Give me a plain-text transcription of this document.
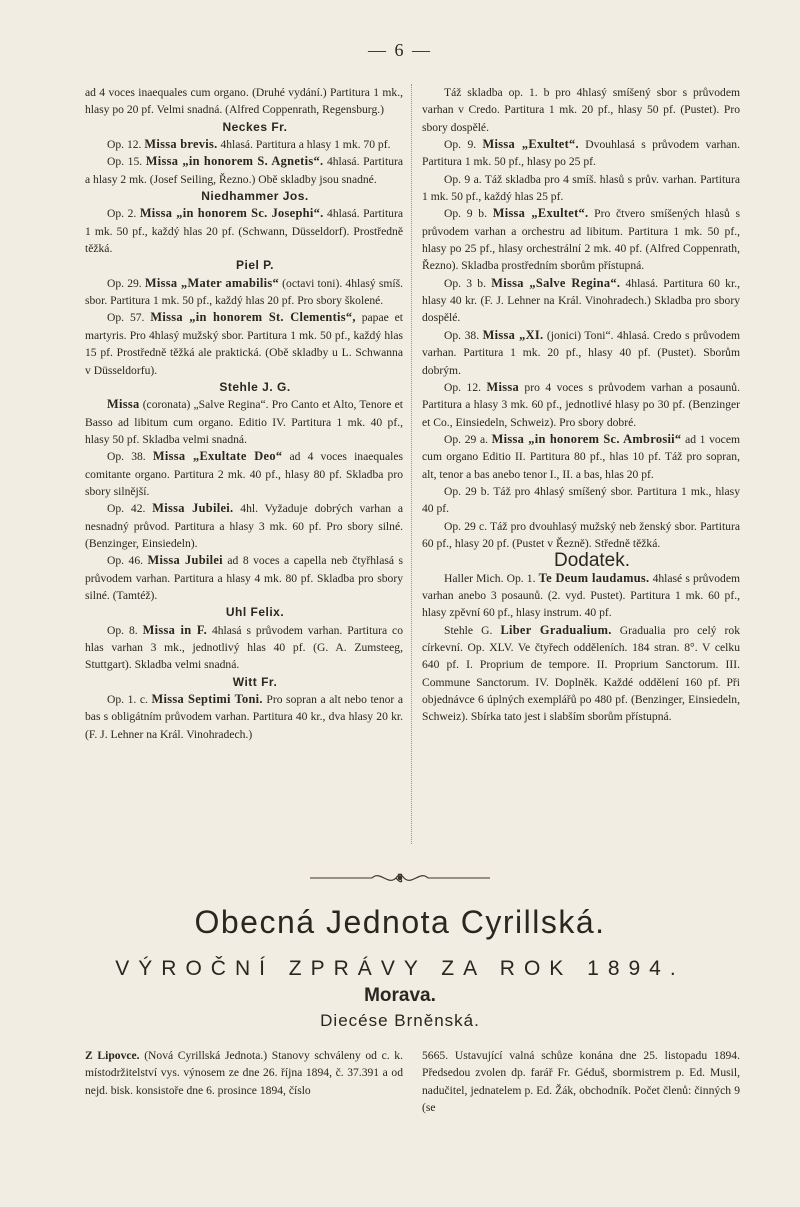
— 6 —

ad 4 voces inaequales cum organo. (Druhé vydání.) Partitura 1 mk., hlasy po 20 pf. Velmi snadná. (Alfred Coppenrath, Regensburg.)

Neckes Fr.

Op. 12. Missa brevis. 4hlasá. Partitura a hlasy 1 mk. 70 pf.

Op. 15. Missa „in honorem S. Agnetis“. 4hlasá. Partitura a hlasy 2 mk. (Josef Seiling, Řezno.) Obě skladby jsou snadné.

Niedhammer Jos.

Op. 2. Missa „in honorem Sc. Josephi“. 4hlasá. Partitura 1 mk. 50 pf., každý hlas 20 pf. (Schwann, Düsseldorf). Prostředně těžká.

Piel P.

Op. 29. Missa „Mater amabilis“ (octavi toni). 4hlasý smíš. sbor. Partitura 1 mk. 50 pf., každý hlas 20 pf. Pro sbory školené.

Op. 57. Missa „in honorem St. Clementis“, papae et martyris. Pro 4hlasý mužský sbor. Partitura 1 mk. 50 pf., každý hlas 15 pf. Prostředně těžká ale praktická. (Obě skladby u L. Schwanna v Düsseldorfu).

Stehle J. G.

Missa (coronata) „Salve Regina“. Pro Canto et Alto, Tenore et Basso ad libitum cum organo. Editio IV. Partitura 1 mk. 40 pf., hlasy 50 pf. Skladba velmi snadná.

Op. 38. Missa „Exultate Deo“ ad 4 voces inaequales comitante organo. Partitura 2 mk. 40 pf., hlasy 80 pf. Skladba pro sbory silnější.

Op. 42. Missa Jubilei. 4hl. Vyžaduje dobrých varhan a nesnadný průvod. Partitura a hlasy 3 mk. 60 pf. Pro sbory silné. (Benzinger, Einsiedeln).

Op. 46. Missa Jubilei ad 8 voces a capella neb čtyřhlasá s průvodem varhan. Partitura a hlasy 4 mk. 80 pf. Skladba pro sbory silné. (Tamtéž).

Uhl Felix.

Op. 8. Missa in F. 4hlasá s průvodem varhan. Partitura co hlas varhan 3 mk., jednotlivý hlas 40 pf. (G. A. Zumsteeg, Stuttgart). Skladba velmi snadná.

Witt Fr.

Op. 1. c. Missa Septimi Toni. Pro sopran a alt nebo tenor a bas s obligátním průvodem varhan. Partitura 40 kr., dva hlasy 20 kr. (F. J. Lehner na Král. Vinohradech.)

Táž skladba op. 1. b pro 4hlasý smíšený sbor s průvodem varhan v Credo. Partitura 1 mk. 20 pf., hlasy 50 pf. (Pustet). Pro sbory dospělé.

Op. 9. Missa „Exultet“. Dvouhlasá s průvodem varhan. Partitura 1 mk. 50 pf., hlasy po 25 pf.

Op. 9 a. Táž skladba pro 4 smíš. hlasů s prův. varhan. Partitura 1 mk. 50 pf., každý hlas 25 pf.

Op. 9 b. Missa „Exultet“. Pro čtvero smíšených hlasů s průvodem varhan a orchestru ad libitum. Partitura 1 mk. 50 pf., hlasy po 25 pf., hlasy orchestrální 2 mk. 40 pf. (Alfred Coppenrath, Řezno). Skladba prostředním sborům přístupná.

Op. 3 b. Missa „Salve Regina“. 4hlasá. Partitura 60 kr., hlasy 40 kr. (F. J. Lehner na Král. Vinohradech.) Skladba pro sbory dospělé.

Op. 38. Missa „XI. (jonici) Toni“. 4hlasá. Credo s průvodem varhan. Partitura 1 mk. 20 pf., hlasy 40 pf. (Pustet). Sborům dobrým.

Op. 12. Missa pro 4 voces s průvodem varhan a posaunů. Partitura a hlasy 3 mk. 60 pf., jednotlivé hlasy po 30 pf. (Benzinger et Co., Einsiedeln, Schweiz). Pro sbory dobré.

Op. 29 a. Missa „in honorem Sc. Ambrosii“ ad 1 vocem cum organo Editio II. Partitura 80 pf., hlas 10 pf. Táž pro sopran, alt, tenor a bas anebo tenor I., II. a bas, hlas 20 pf.

Op. 29 b. Táž pro 4hlasý smíšený sbor. Partitura 1 mk., hlasy 40 pf.

Op. 29 c. Táž pro dvouhlasý mužský neb ženský sbor. Partitura 60 pf., hlasy 20 pf. (Pustet v Řezně). Středně těžká.

Dodatek.

Haller Mich. Op. 1. Te Deum laudamus. 4hlasé s průvodem varhan anebo 3 posaunů. (2. vyd. Pustet). Partitura 1 mk. 60 pf., hlasy zpěvní 60 pf., hlasy instrum. 40 pf.

Stehle G. Liber Gradualium. Gradualia pro celý rok církevní. Op. XLV. Ve čtyřech odděleních. 184 stran. 8°. V celku 640 pf. I. Proprium de tempore. II. Proprium Sanctorum. III. Commune Sanctorum. IV. Doplněk. Každé oddělení 160 pf. Při objednávce 6 úplných exemplářů po 480 pf. (Benzinger, Einsiedeln, Schweiz). Sbírka tato jest i slabším sborům přístupná.

Obecná Jednota Cyrillská.
VÝROČNÍ ZPRÁVY ZA ROK 1894.
Morava.
Diecése Brněnská.

Z Lipovce. (Nová Cyrillská Jednota.) Stanovy schváleny od c. k. místodržitelství vys. výnosem ze dne 26. října 1894, č. 37.391 a od nejd. bisk. konsistoře dne 6. prosince 1894, číslo

5665. Ustavující valná schůze konána dne 25. listopadu 1894. Předsedou zvolen dp. farář Fr. Géduš, sbormistrem p. Ed. Musil, nadučitel, jednatelem p. Ed. Žák, obchodník. Počet členů: činných 9 (se
